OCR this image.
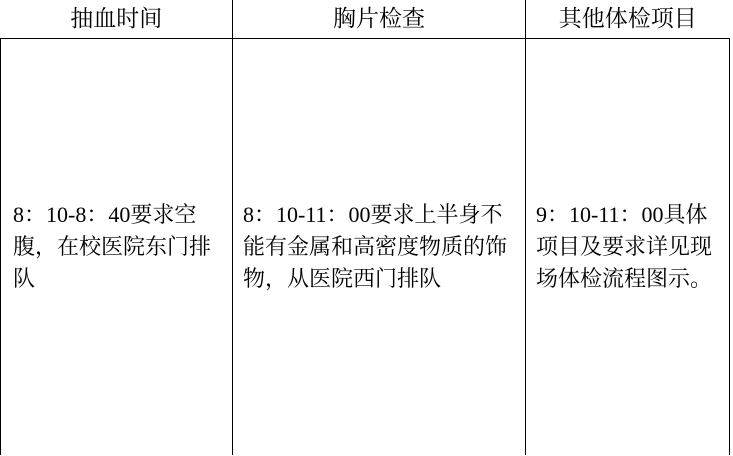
抽血时间	胸片检查	其他体检项目

8：10-8：40要求空腹，在校医院东门排队	8：10-11：00要求上半身不能有金属和高密度物质的饰物，从医院西门排队	9：10-11：00具体项目及要求详见现场体检流程图示。
